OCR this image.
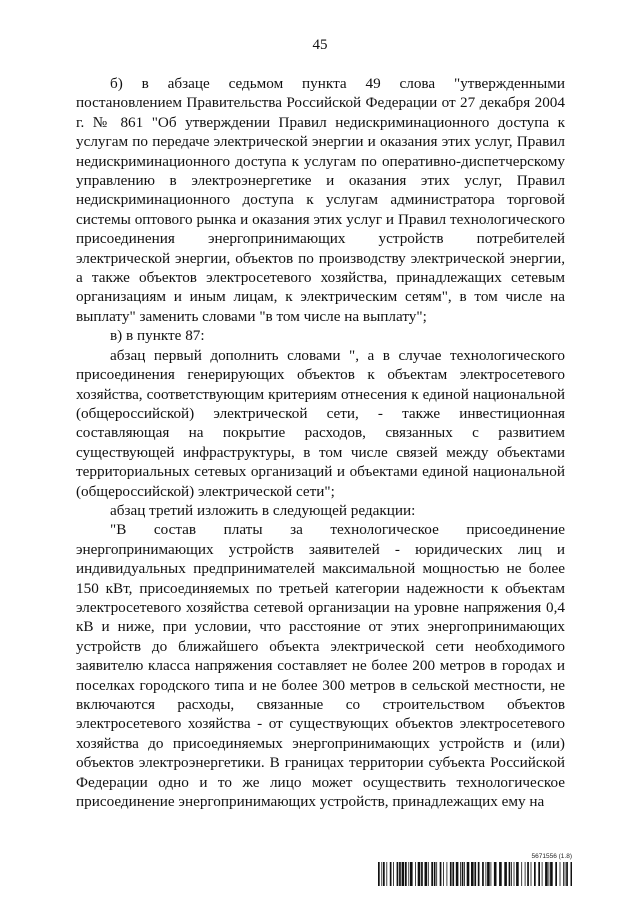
45

б) в абзаце седьмом пункта 49 слова "утвержденными постановлением Правительства Российской Федерации от 27 декабря 2004 г. № 861 "Об утверждении Правил недискриминационного доступа к услугам по передаче электрической энергии и оказания этих услуг, Правил недискриминационного доступа к услугам по оперативно-диспетчерскому управлению в электроэнергетике и оказания этих услуг, Правил недискриминационного доступа к услугам администратора торговой системы оптового рынка и оказания этих услуг и Правил технологического присоединения энергопринимающих устройств потребителей электрической энергии, объектов по производству электрической энергии, а также объектов электросетевого хозяйства, принадлежащих сетевым организациям и иным лицам, к электрическим сетям", в том числе на выплату" заменить словами "в том числе на выплату";

в) в пункте 87:

абзац первый дополнить словами ", а в случае технологического присоединения генерирующих объектов к объектам электросетевого хозяйства, соответствующим критериям отнесения к единой национальной (общероссийской) электрической сети, - также инвестиционная составляющая на покрытие расходов, связанных с развитием существующей инфраструктуры, в том числе связей между объектами территориальных сетевых организаций и объектами единой национальной (общероссийской) электрической сети";

абзац третий изложить в следующей редакции:

"В состав платы за технологическое присоединение энергопринимающих устройств заявителей - юридических лиц и индивидуальных предпринимателей максимальной мощностью не более 150 кВт, присоединяемых по третьей категории надежности к объектам электросетевого хозяйства сетевой организации на уровне напряжения 0,4 кВ и ниже, при условии, что расстояние от этих энергопринимающих устройств до ближайшего объекта электрической сети необходимого заявителю класса напряжения составляет не более 200 метров в городах и поселках городского типа и не более 300 метров в сельской местности, не включаются расходы, связанные со строительством объектов электросетевого хозяйства - от существующих объектов электросетевого хозяйства до присоединяемых энергопринимающих устройств и (или) объектов электроэнергетики. В границах территории субъекта Российской Федерации одно и то же лицо может осуществить технологическое присоединение энергопринимающих устройств, принадлежащих ему на

5671556 (1.8)
